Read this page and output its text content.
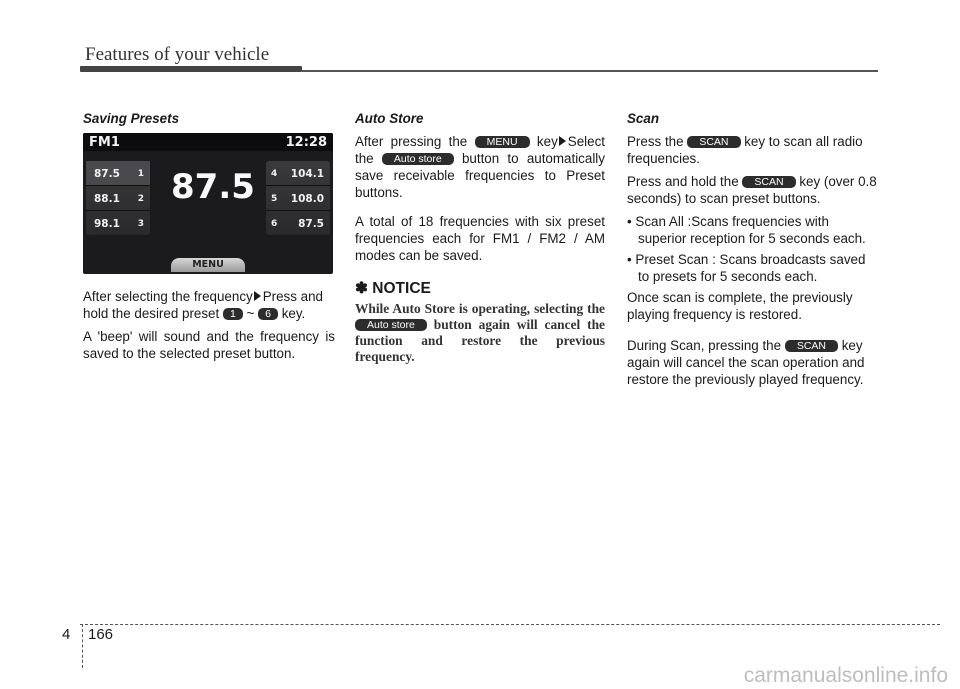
Features of your vehicle
Saving Presets
FM1	12:28
87.5 1
88.1 2
98.1 3
87.5 4 104.1
5 108.0
6 87.5
MENU

After selecting the frequency Press and hold the desired preset 1 ~ 6 key.

A 'beep' will sound and the frequency is saved to the selected preset button.

Auto Store

After pressing the MENU key Select the Auto store button to automatically save receivable frequencies to Preset buttons.

A total of 18 frequencies with six preset frequencies each for FM1 / FM2 / AM modes can be saved.

✽ NOTICE
While Auto Store is operating, selecting the Auto store button again will cancel the function and restore the previous frequency.
Scan

Press the SCAN key to scan all radio frequencies.

Press and hold the SCAN key (over 0.8 seconds) to scan preset buttons.

• Scan All :Scans frequencies with superior reception for 5 seconds each.
• Preset Scan : Scans broadcasts saved to presets for 5 seconds each.

Once scan is complete, the previously playing frequency is restored.

During Scan, pressing the SCAN key again will cancel the scan operation and restore the previously played frequency.

4 166
carmanualsonline.info
